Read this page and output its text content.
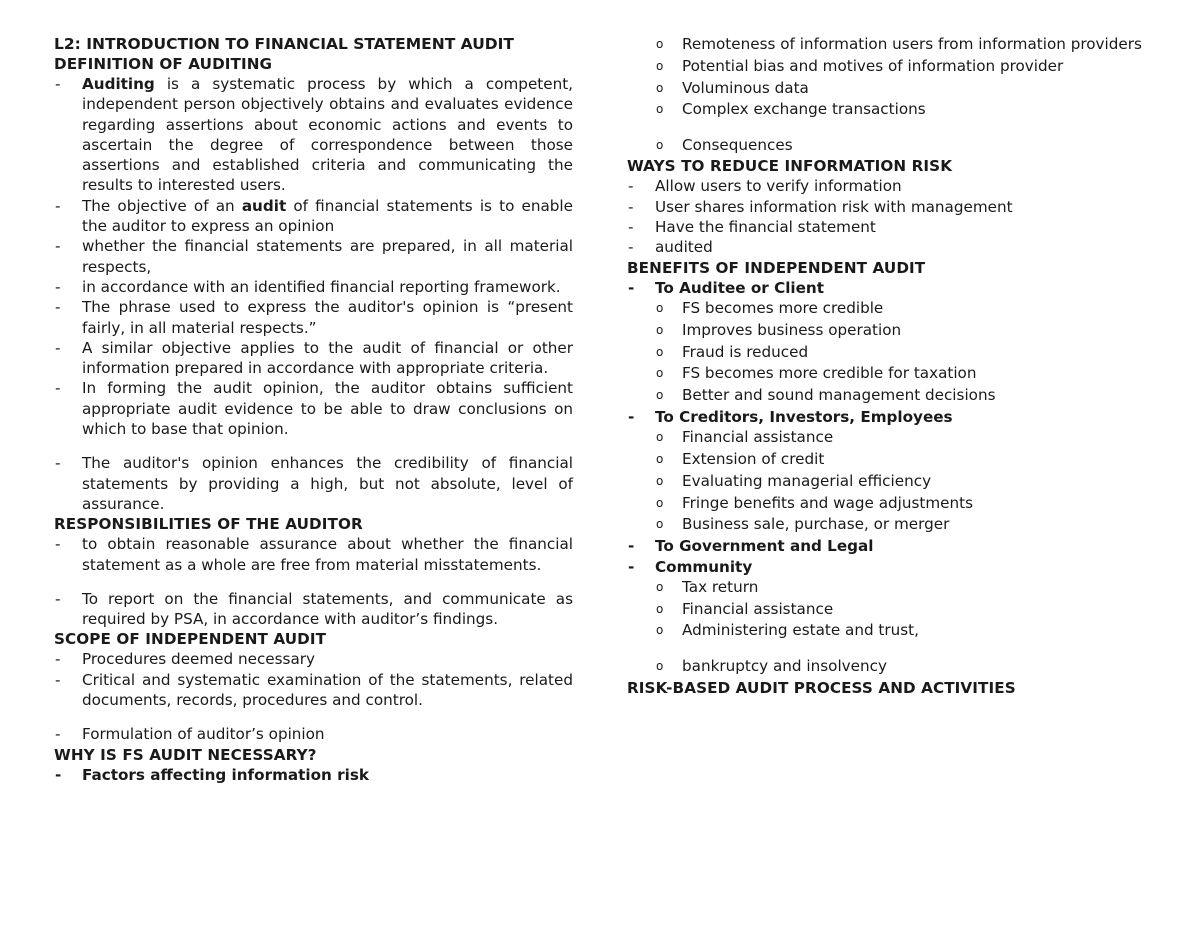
L2: INTRODUCTION TO FINANCIAL STATEMENT AUDIT
DEFINITION OF AUDITING
- Auditing is a systematic process by which a competent, independent person objectively obtains and evaluates evidence regarding assertions about economic actions and events to ascertain the degree of correspondence between those assertions and established criteria and communicating the results to interested users.
- The objective of an audit of financial statements is to enable the auditor to express an opinion
- whether the financial statements are prepared, in all material respects,
- in accordance with an identified financial reporting framework.
- The phrase used to express the auditor's opinion is “present fairly, in all material respects.”
- A similar objective applies to the audit of financial or other information prepared in accordance with appropriate criteria.
- In forming the audit opinion, the auditor obtains sufficient appropriate audit evidence to be able to draw conclusions on which to base that opinion.
- The auditor's opinion enhances the credibility of financial statements by providing a high, but not absolute, level of assurance.
RESPONSIBILITIES OF THE AUDITOR
- to obtain reasonable assurance about whether the financial statement as a whole are free from material misstatements.
- To report on the financial statements, and communicate as required by PSA, in accordance with auditor’s findings.
SCOPE OF INDEPENDENT AUDIT
- Procedures deemed necessary
- Critical and systematic examination of the statements, related documents, records, procedures and control.
- Formulation of auditor’s opinion
WHY IS FS AUDIT NECESSARY?
- Factors affecting information risk
o Remoteness of information users from information providers
o Potential bias and motives of information provider
o Voluminous data
o Complex exchange transactions
o Consequences
WAYS TO REDUCE INFORMATION RISK
- Allow users to verify information
- User shares information risk with management
- Have the financial statement
- audited
BENEFITS OF INDEPENDENT AUDIT
- To Auditee or Client
o FS becomes more credible
o Improves business operation
o Fraud is reduced
o FS becomes more credible for taxation
o Better and sound management decisions
- To Creditors, Investors, Employees
o Financial assistance
o Extension of credit
o Evaluating managerial efficiency
o Fringe benefits and wage adjustments
o Business sale, purchase, or merger
- To Government and Legal
- Community
o Tax return
o Financial assistance
o Administering estate and trust,
o bankruptcy and insolvency
RISK-BASED AUDIT PROCESS AND ACTIVITIES
